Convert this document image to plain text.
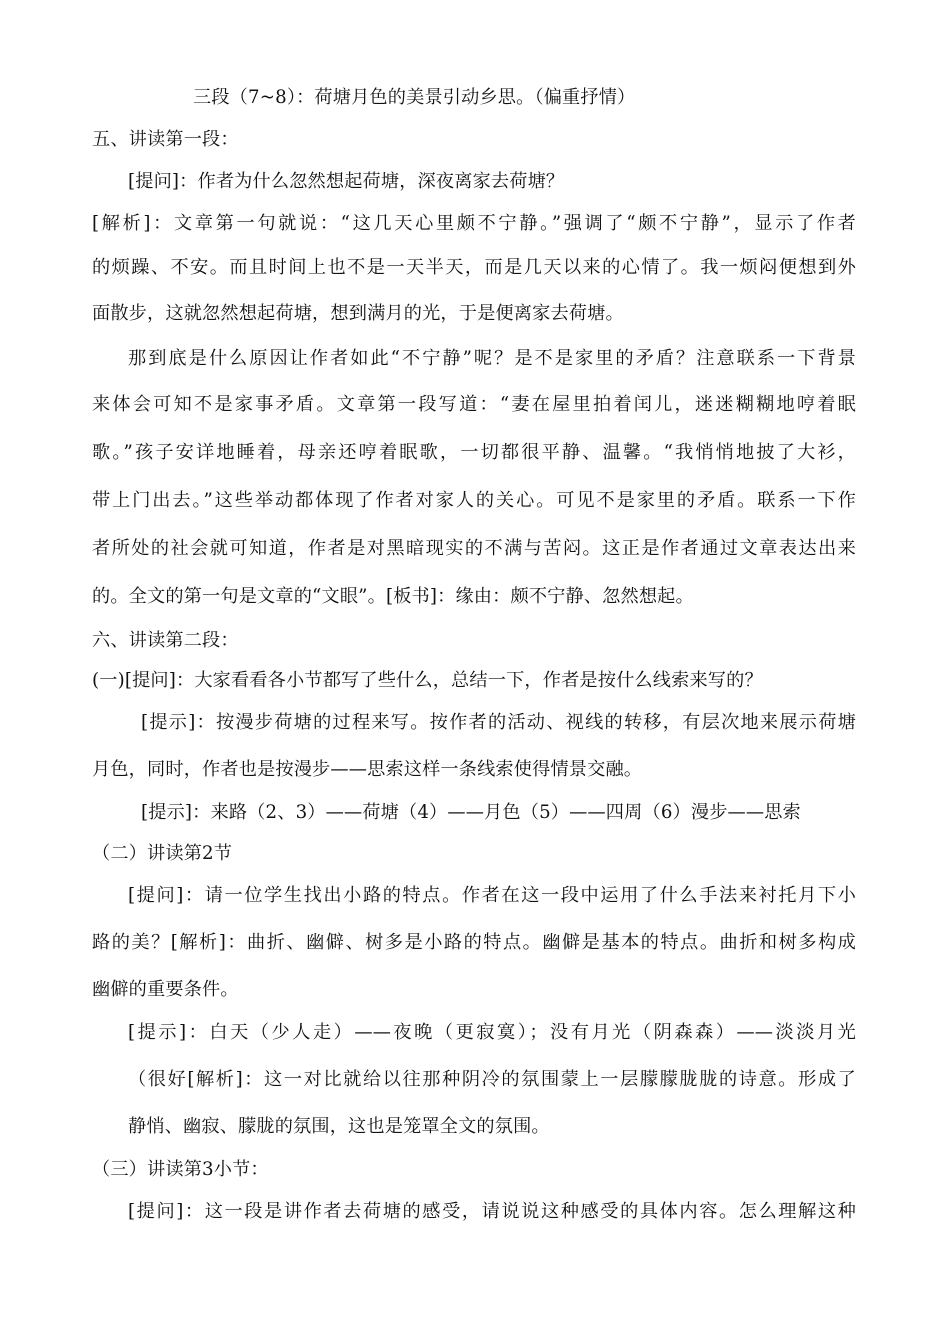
三段（7~8）：荷塘月色的美景引动乡思。（偏重抒情）
五、讲读第一段：
[提问]：作者为什么忽然想起荷塘，深夜离家去荷塘？
[解析]：文章第一句就说：“这几天心里颇不宁静。”强调了“颇不宁静”，显示了作者
的烦躁、不安。而且时间上也不是一天半天，而是几天以来的心情了。我一烦闷便想到外
面散步，这就忽然想起荷塘，想到满月的光，于是便离家去荷塘。
那到底是什么原因让作者如此“不宁静”呢？是不是家里的矛盾？注意联系一下背景
来体会可知不是家事矛盾。文章第一段写道：“妻在屋里拍着闰儿，迷迷糊糊地哼着眠
歌。”孩子安详地睡着，母亲还哼着眠歌，一切都很平静、温馨。“我悄悄地披了大衫，
带上门出去。”这些举动都体现了作者对家人的关心。可见不是家里的矛盾。联系一下作
者所处的社会就可知道，作者是对黑暗现实的不满与苦闷。这正是作者通过文章表达出来
的。全文的第一句是文章的“文眼”。[板书]：缘由：颇不宁静、忽然想起。
六、讲读第二段：
(一)[提问]：大家看看各小节都写了些什么，总结一下，作者是按什么线索来写的？
[提示]：按漫步荷塘的过程来写。按作者的活动、视线的转移，有层次地来展示荷塘
月色，同时，作者也是按漫步——思索这样一条线索使得情景交融。
[提示]：来路（2、3）——荷塘（4）——月色（5）——四周（6）漫步——思索
（二）讲读第2节
[提问]：请一位学生找出小路的特点。作者在这一段中运用了什么手法来衬托月下小
路的美？[解析]：曲折、幽僻、树多是小路的特点。幽僻是基本的特点。曲折和树多构成
幽僻的重要条件。
[提示]：白天（少人走）——夜晚（更寂寞）；没有月光（阴森森）——淡淡月光
（很好[解析]：这一对比就给以往那种阴冷的氛围蒙上一层朦朦胧胧的诗意。形成了
静悄、幽寂、朦胧的氛围，这也是笼罩全文的氛围。
（三）讲读第3小节：
[提问]：这一段是讲作者去荷塘的感受，请说说这种感受的具体内容。怎么理解这种
